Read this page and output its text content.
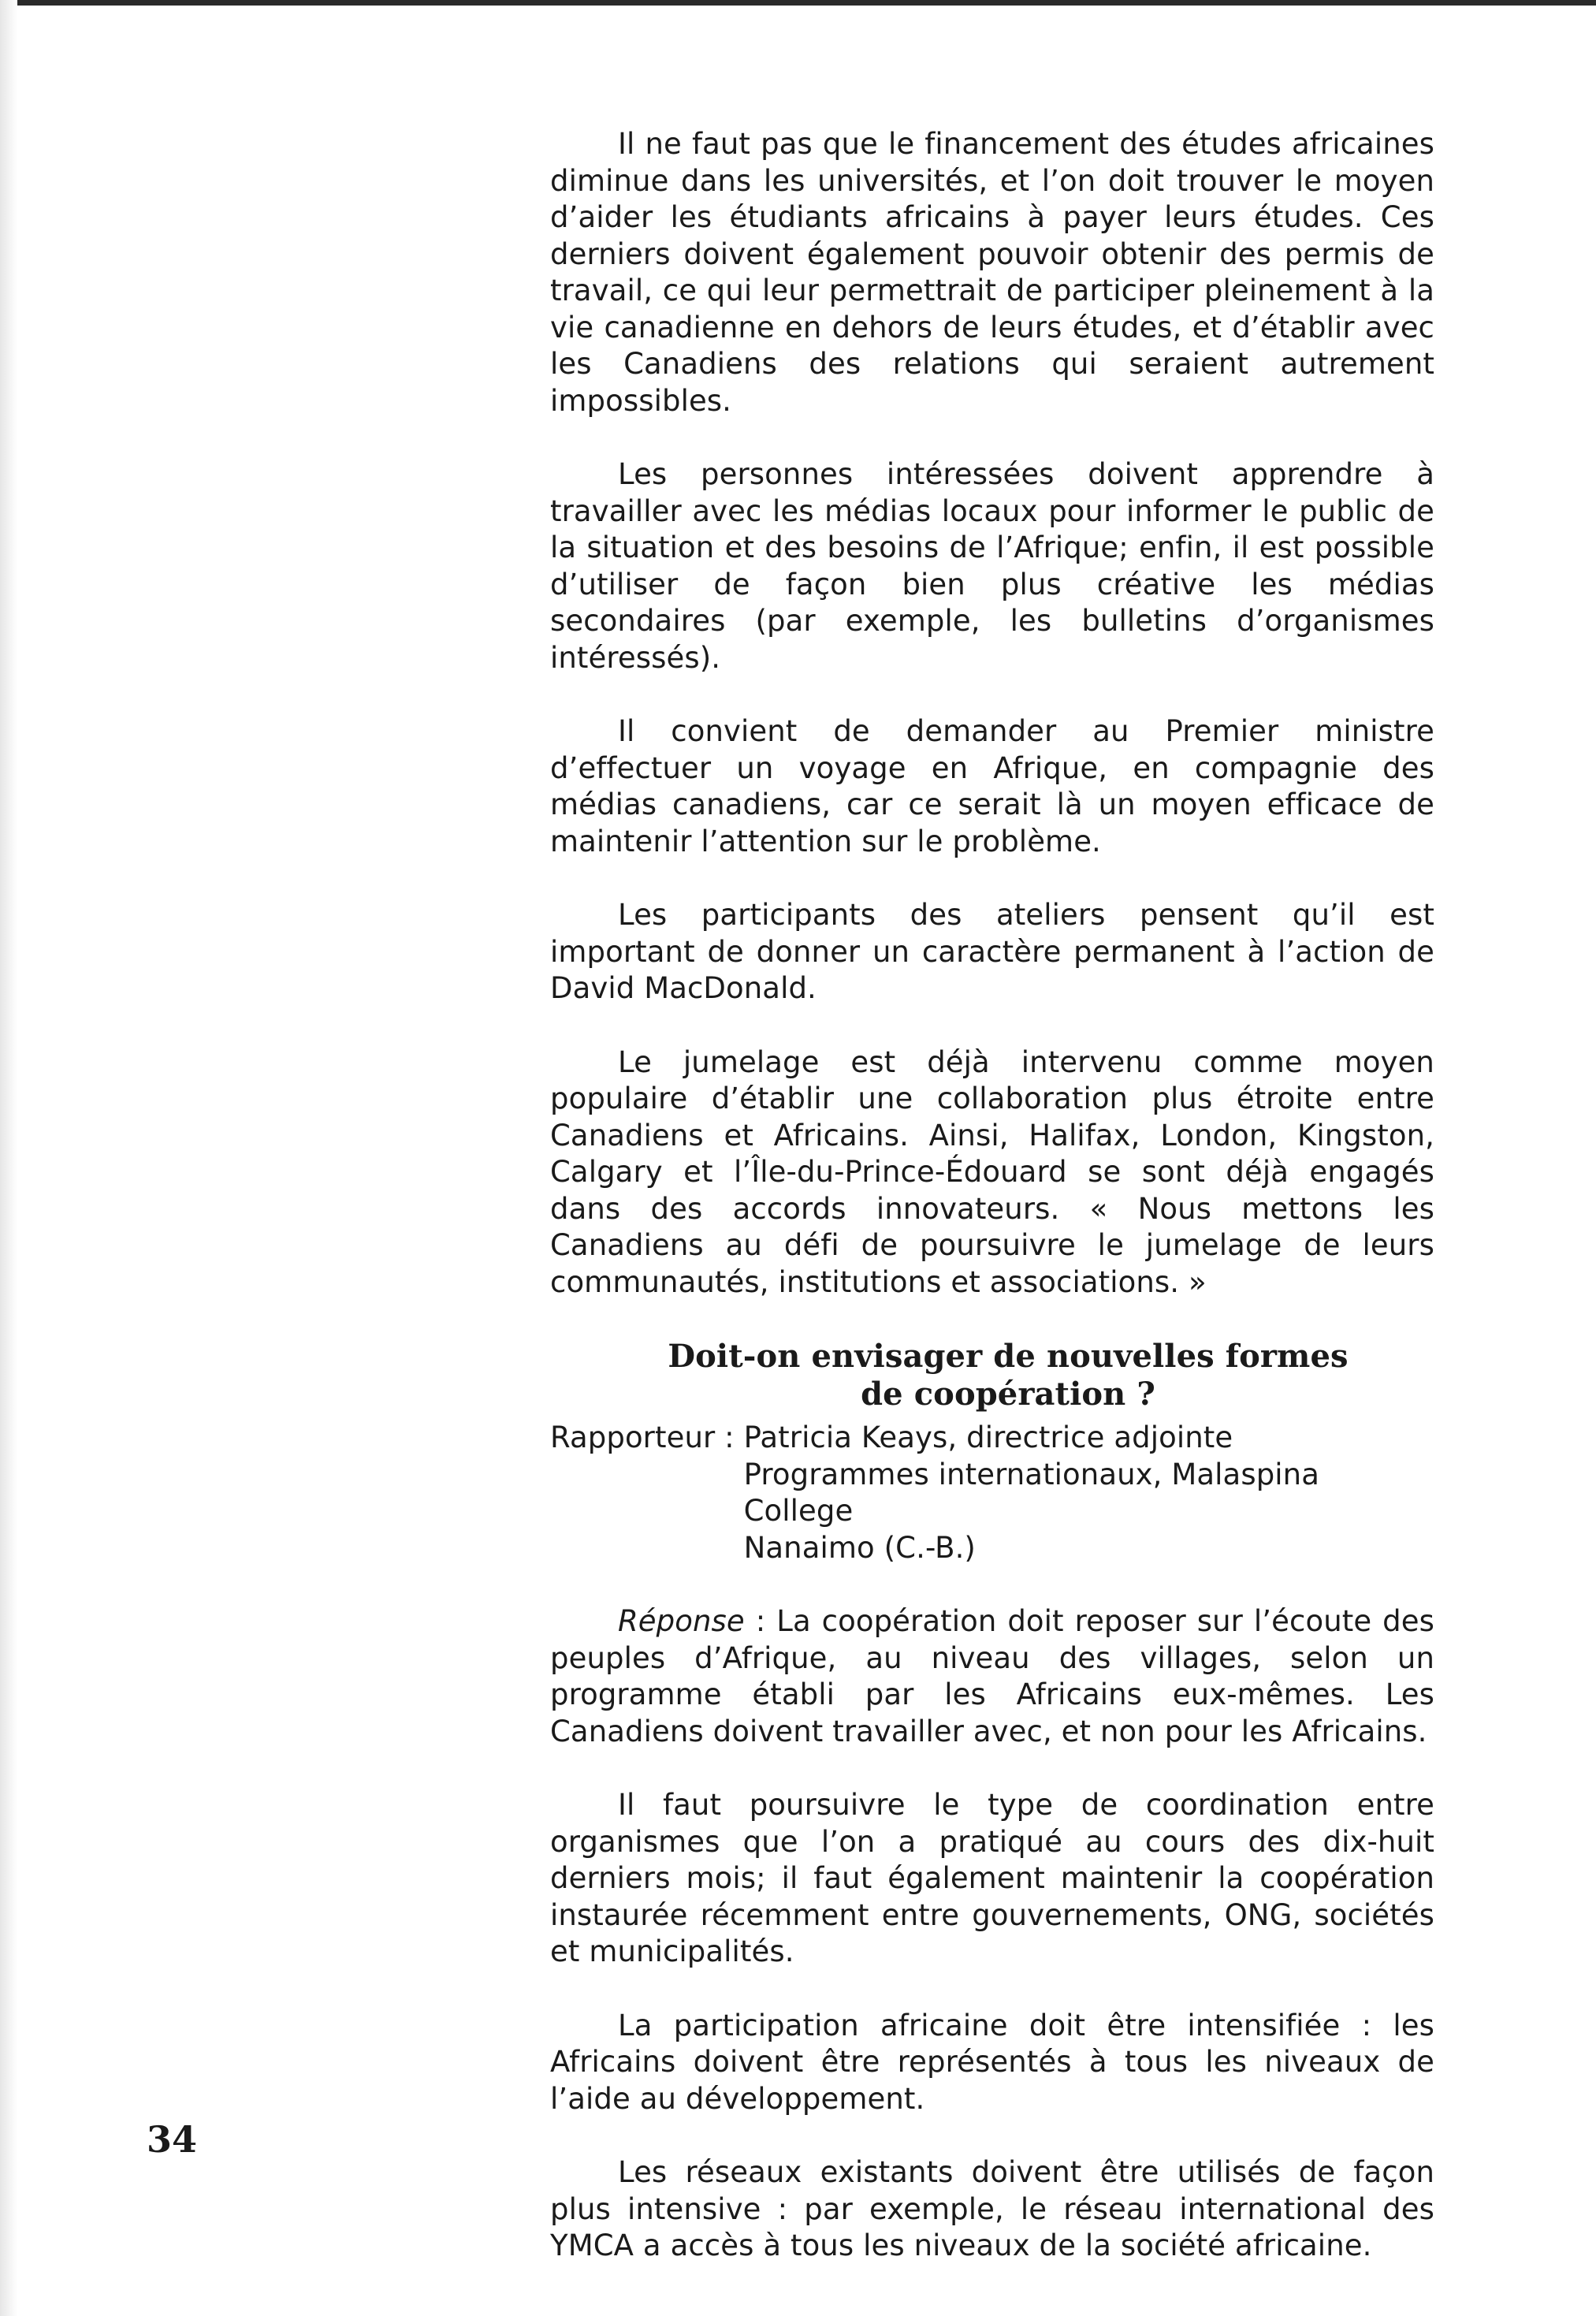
Il ne faut pas que le financement des études africaines diminue dans les universités, et l’on doit trouver le moyen d’aider les étudiants africains à payer leurs études. Ces derniers doivent également pouvoir obtenir des permis de travail, ce qui leur permettrait de participer pleinement à la vie canadienne en dehors de leurs études, et d’établir avec les Canadiens des relations qui seraient autrement impossibles.

Les personnes intéressées doivent apprendre à travailler avec les médias locaux pour informer le public de la situation et des besoins de l’Afrique; enfin, il est possible d’utiliser de façon bien plus créative les médias secondaires (par exemple, les bulletins d’organismes intéressés).

Il convient de demander au Premier ministre d’effectuer un voyage en Afrique, en compagnie des médias canadiens, car ce serait là un moyen efficace de maintenir l’attention sur le problème.

Les participants des ateliers pensent qu’il est important de donner un caractère permanent à l’action de David MacDonald.

Le jumelage est déjà intervenu comme moyen populaire d’établir une collaboration plus étroite entre Canadiens et Africains. Ainsi, Halifax, London, Kingston, Calgary et l’Île-du-Prince-Édouard se sont déjà engagés dans des accords innovateurs. « Nous mettons les Canadiens au défi de poursuivre le jumelage de leurs communautés, institutions et associations. »

Doit-on envisager de nouvelles formes
de coopération ?
Rapporteur : Patricia Keays, directrice adjointe
Programmes internationaux, Malaspina College
Nanaimo (C.-B.)

Réponse : La coopération doit reposer sur l’écoute des peuples d’Afrique, au niveau des villages, selon un programme établi par les Africains eux-mêmes. Les Canadiens doivent travailler avec, et non pour les Africains.

Il faut poursuivre le type de coordination entre organismes que l’on a pratiqué au cours des dix-huit derniers mois; il faut également maintenir la coopération instaurée récemment entre gouvernements, ONG, sociétés et municipalités.

La participation africaine doit être intensifiée : les Africains doivent être représentés à tous les niveaux de l’aide au développement.

Les réseaux existants doivent être utilisés de façon plus intensive : par exemple, le réseau international des YMCA a accès à tous les niveaux de la société africaine.

34
